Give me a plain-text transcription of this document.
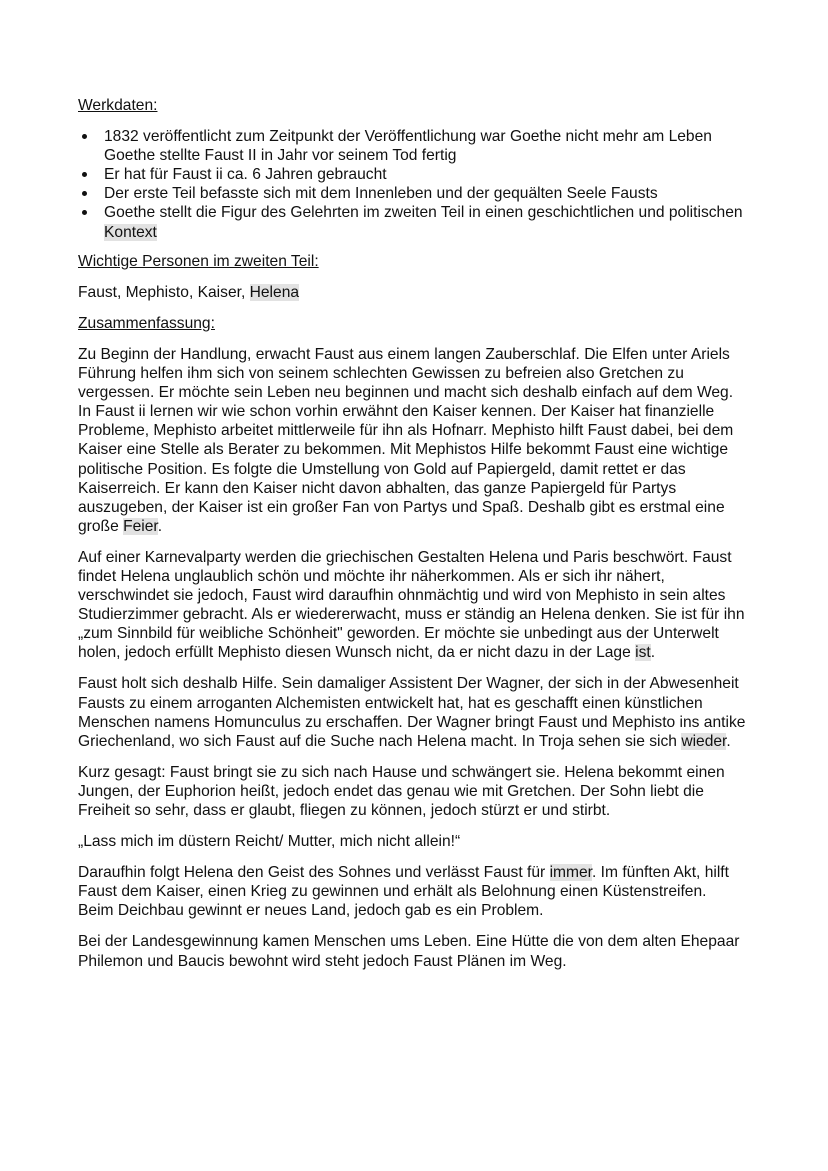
Werkdaten:
1832 veröffentlicht zum Zeitpunkt der Veröffentlichung war Goethe nicht mehr am Leben Goethe stellte Faust II in Jahr vor seinem Tod fertig
Er hat für Faust ii ca. 6 Jahren gebraucht
Der erste Teil befasste sich mit dem Innenleben und der gequälten Seele Fausts
Goethe stellt die Figur des Gelehrten im zweiten Teil in einen geschichtlichen und politischen Kontext
Wichtige Personen im zweiten Teil:

Faust, Mephisto, Kaiser, Helena

Zusammenfassung:

Zu Beginn der Handlung, erwacht Faust aus einem langen Zauberschlaf. Die Elfen unter Ariels Führung helfen ihm sich von seinem schlechten Gewissen zu befreien also Gretchen zu vergessen. Er möchte sein Leben neu beginnen und macht sich deshalb einfach auf dem Weg. In Faust ii lernen wir wie schon vorhin erwähnt den Kaiser kennen. Der Kaiser hat finanzielle Probleme, Mephisto arbeitet mittlerweile für ihn als Hofnarr. Mephisto hilft Faust dabei, bei dem Kaiser eine Stelle als Berater zu bekommen. Mit Mephistos Hilfe bekommt Faust eine wichtige politische Position. Es folgte die Umstellung von Gold auf Papiergeld, damit rettet er das Kaiserreich. Er kann den Kaiser nicht davon abhalten, das ganze Papiergeld für Partys auszugeben, der Kaiser ist ein großer Fan von Partys und Spaß. Deshalb gibt es erstmal eine große Feier.

Auf einer Karnevalparty werden die griechischen Gestalten Helena und Paris beschwört. Faust findet Helena unglaublich schön und möchte ihr näherkommen. Als er sich ihr nähert, verschwindet sie jedoch, Faust wird daraufhin ohnmächtig und wird von Mephisto in sein altes Studierzimmer gebracht. Als er wiedererwacht, muss er ständig an Helena denken. Sie ist für ihn „zum Sinnbild für weibliche Schönheit" geworden. Er möchte sie unbedingt aus der Unterwelt holen, jedoch erfüllt Mephisto diesen Wunsch nicht, da er nicht dazu in der Lage ist.

Faust holt sich deshalb Hilfe. Sein damaliger Assistent Der Wagner, der sich in der Abwesenheit Fausts zu einem arroganten Alchemisten entwickelt hat, hat es geschafft einen künstlichen Menschen namens Homunculus zu erschaffen. Der Wagner bringt Faust und Mephisto ins antike Griechenland, wo sich Faust auf die Suche nach Helena macht. In Troja sehen sie sich wieder.

Kurz gesagt: Faust bringt sie zu sich nach Hause und schwängert sie. Helena bekommt einen Jungen, der Euphorion heißt, jedoch endet das genau wie mit Gretchen. Der Sohn liebt die Freiheit so sehr, dass er glaubt, fliegen zu können, jedoch stürzt er und stirbt.

„Lass mich im düstern Reicht/ Mutter, mich nicht allein!“

Daraufhin folgt Helena den Geist des Sohnes und verlässt Faust für immer. Im fünften Akt, hilft Faust dem Kaiser, einen Krieg zu gewinnen und erhält als Belohnung einen Küstenstreifen. Beim Deichbau gewinnt er neues Land, jedoch gab es ein Problem.

Bei der Landesgewinnung kamen Menschen ums Leben. Eine Hütte die von dem alten Ehepaar Philemon und Baucis bewohnt wird steht jedoch Faust Plänen im Weg.
